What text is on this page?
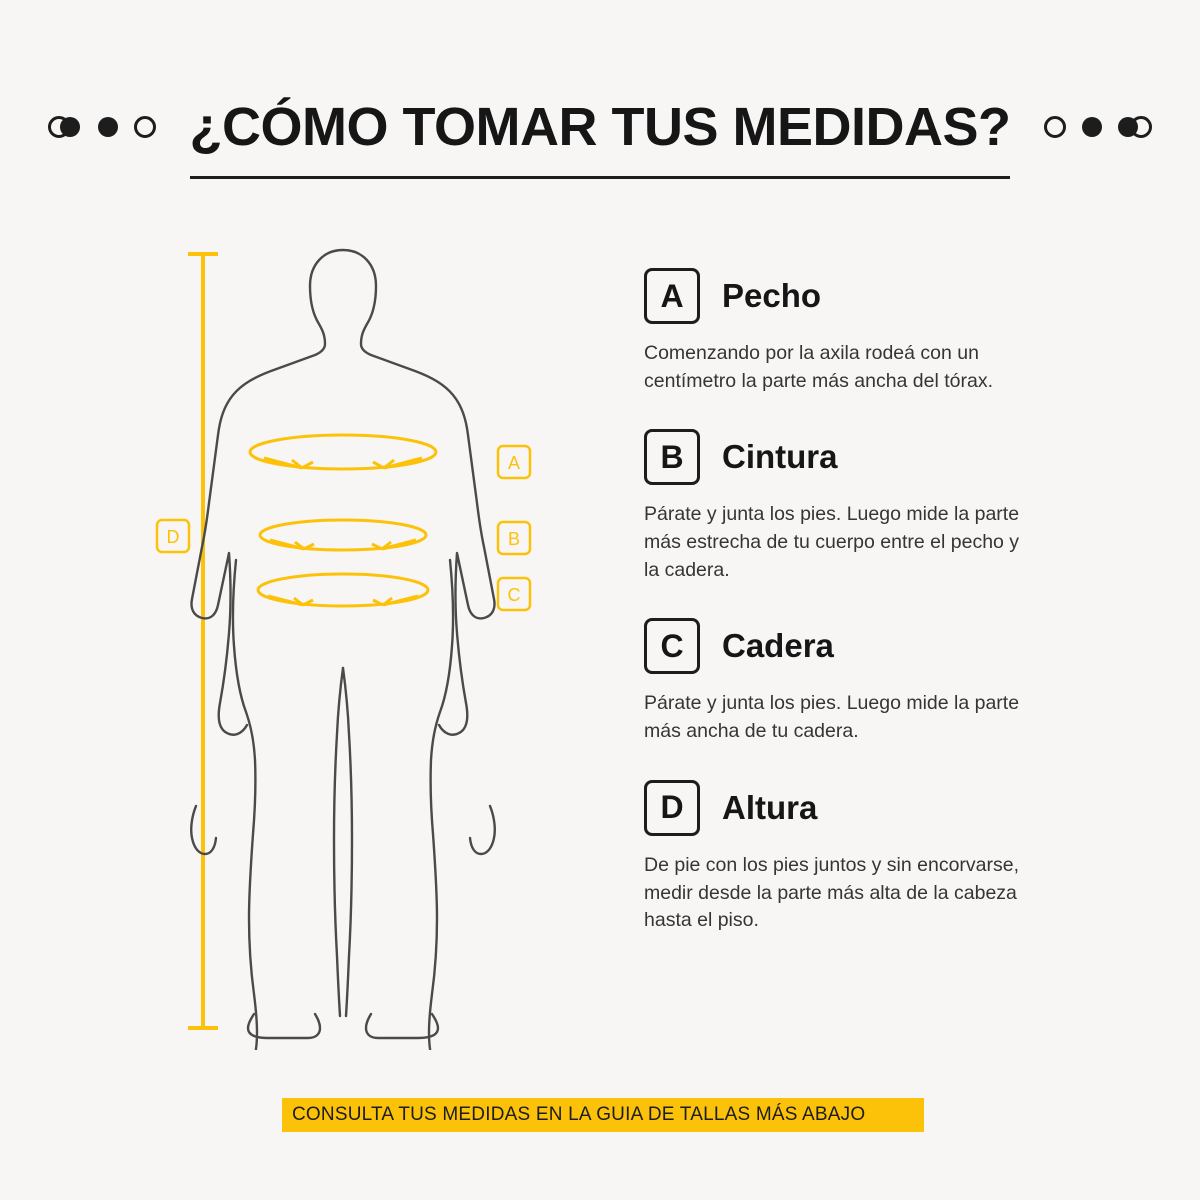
¿CÓMO TOMAR TUS MEDIDAS?
D
A
B
C
A	Pecho
Comenzando por la axila rodeá con un centímetro la parte más ancha del tórax.
B	Cintura
Párate y junta los pies. Luego mide la parte más estrecha de tu cuerpo entre el pecho y la cadera.
C	Cadera
Párate y junta los pies. Luego mide la parte más ancha de tu cadera.
D	Altura
De pie con los pies juntos y sin encorvarse, medir desde la parte más alta de la cabeza hasta el piso.
CONSULTA TUS MEDIDAS EN LA GUIA DE TALLAS MÁS ABAJO
